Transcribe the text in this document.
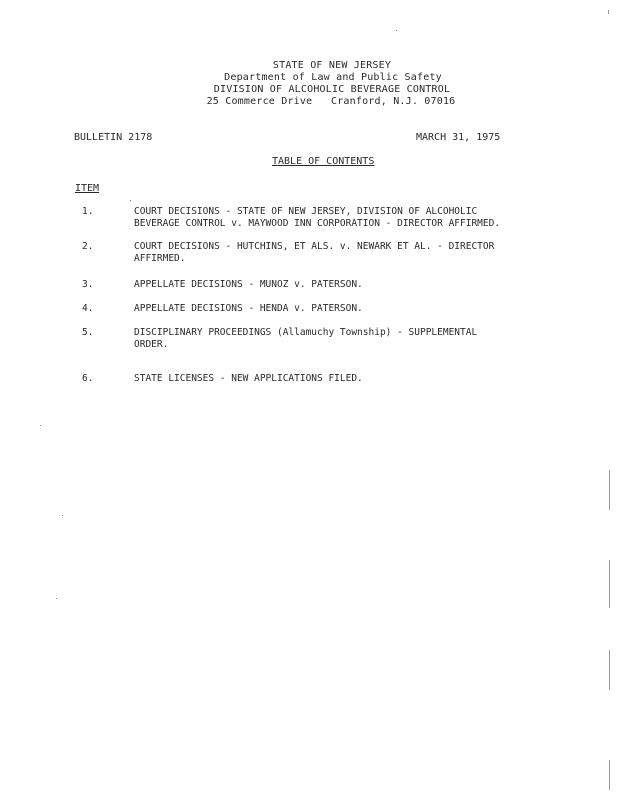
STATE OF NEW JERSEY
Department of Law and Public Safety
DIVISION OF ALCOHOLIC BEVERAGE CONTROL
25 Commerce Drive   Cranford, N.J. 07016
BULLETIN 2178	MARCH 31, 1975
TABLE OF CONTENTS
ITEM
1.	COURT DECISIONS - STATE OF NEW JERSEY, DIVISION OF ALCOHOLIC
BEVERAGE CONTROL v. MAYWOOD INN CORPORATION - DIRECTOR AFFIRMED.
2.	COURT DECISIONS - HUTCHINS, ET ALS. v. NEWARK ET AL. - DIRECTOR
AFFIRMED.
3.	APPELLATE DECISIONS - MUNOZ v. PATERSON.
4.	APPELLATE DECISIONS - HENDA v. PATERSON.
5.	DISCIPLINARY PROCEEDINGS (Allamuchy Township) - SUPPLEMENTAL
ORDER.
6.	STATE LICENSES - NEW APPLICATIONS FILED.
